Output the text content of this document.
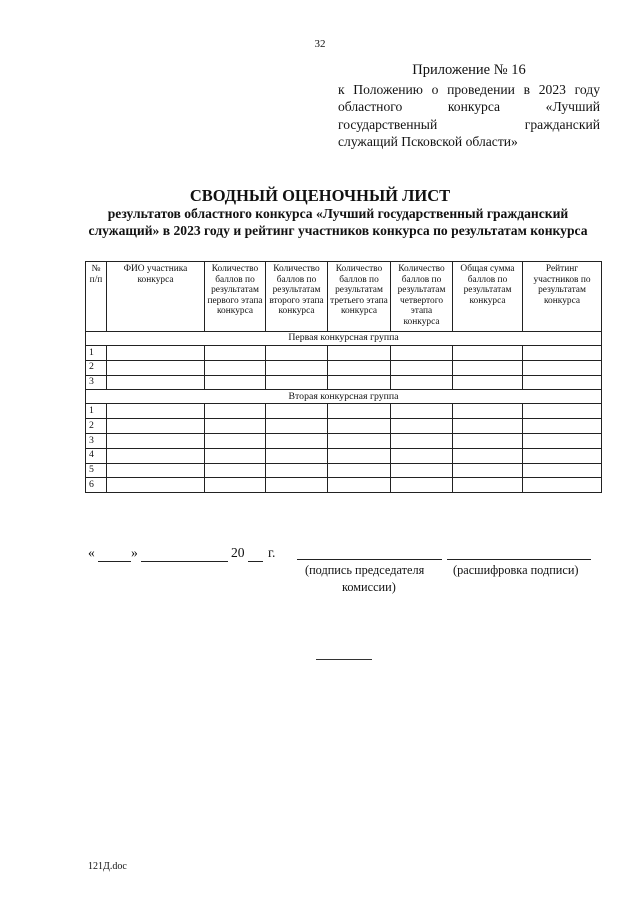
32
Приложение № 16
к Положению о проведении в 2023 году
областного конкурса «Лучший
государственный гражданский
служащий Псковской области»
СВОДНЫЙ ОЦЕНОЧНЫЙ ЛИСТ
результатов областного конкурса «Лучший государственный гражданский служащий» в 2023 году и рейтинг участников конкурса по результатам конкурса
№ п/п	ФИО участника конкурса	Количество баллов по результатам первого этапа конкурса	Количество баллов по результатам второго этапа конкурса	Количество баллов по результатам третьего этапа конкурса	Количество баллов по результатам четвертого этапа конкурса	Общая сумма баллов по результатам конкурса	Рейтинг участников по результатам конкурса
Первая конкурсная группа							
1							
2							
3							
Вторая конкурсная группа							
1							
2							
3							
4							
5							
6							
«	»	20 г.
(подпись председателя
комиссии)
(расшифровка подписи)
121Д.doc
